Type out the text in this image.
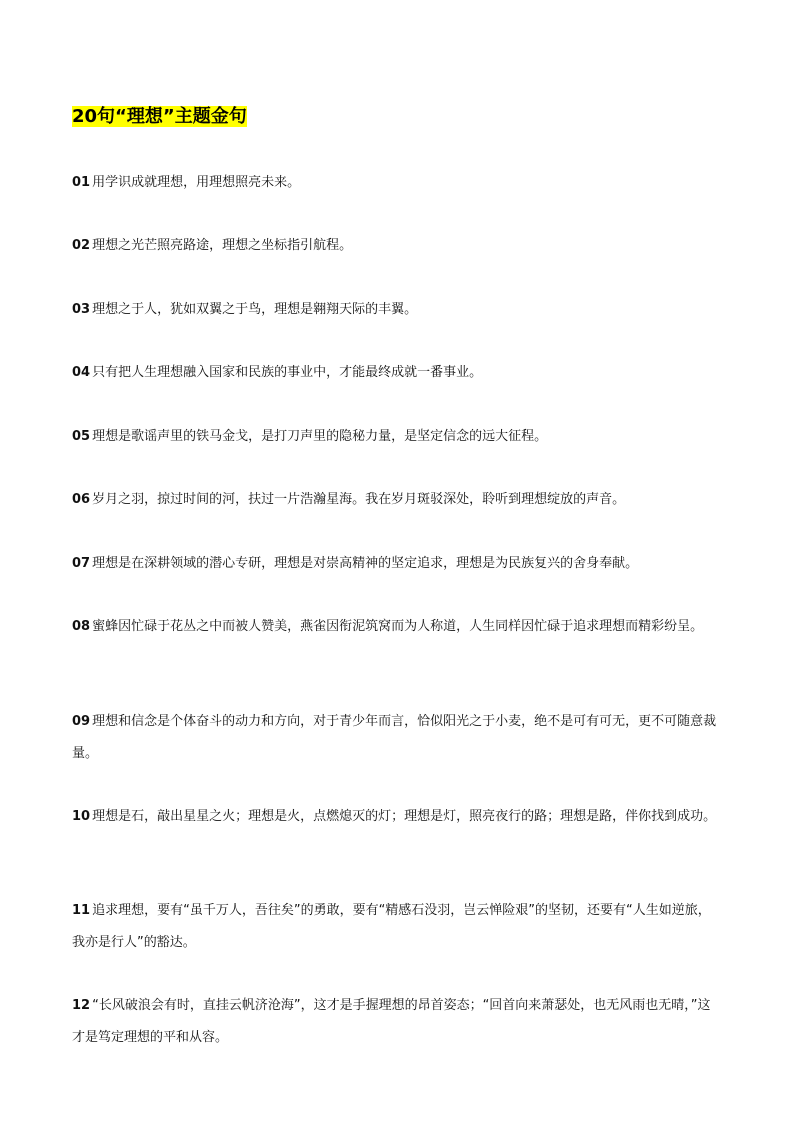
20句“理想”主题金句
01 用学识成就理想，用理想照亮未来。
02 理想之光芒照亮路途，理想之坐标指引航程。
03 理想之于人，犹如双翼之于鸟，理想是翱翔天际的丰翼。
04 只有把人生理想融入国家和民族的事业中，才能最终成就一番事业。
05 理想是歌谣声里的铁马金戈，是打刀声里的隐秘力量，是坚定信念的远大征程。
06 岁月之羽，掠过时间的河，扶过一片浩瀚星海。我在岁月斑驳深处，聆听到理想绽放的声音。
07 理想是在深耕领域的潜心专研，理想是对崇高精神的坚定追求，理想是为民族复兴的舍身奉献。
08 蜜蜂因忙碌于花丛之中而被人赞美，燕雀因衔泥筑窝而为人称道，人生同样因忙碌于追求理想而精彩纷呈。
09 理想和信念是个体奋斗的动力和方向，对于青少年而言，恰似阳光之于小麦，绝不是可有可无，更不可随意裁量。
10 理想是石，敲出星星之火；理想是火，点燃熄灭的灯；理想是灯，照亮夜行的路；理想是路，伴你找到成功。
11 追求理想，要有“虽千万人，吾往矣”的勇敢，要有“精感石没羽，岂云惮险艰”的坚韧，还要有“人生如逆旅，我亦是行人”的豁达。
12 “长风破浪会有时，直挂云帆济沧海”，这才是手握理想的昂首姿态；“回首向来萧瑟处，也无风雨也无晴，”这才是笃定理想的平和从容。
